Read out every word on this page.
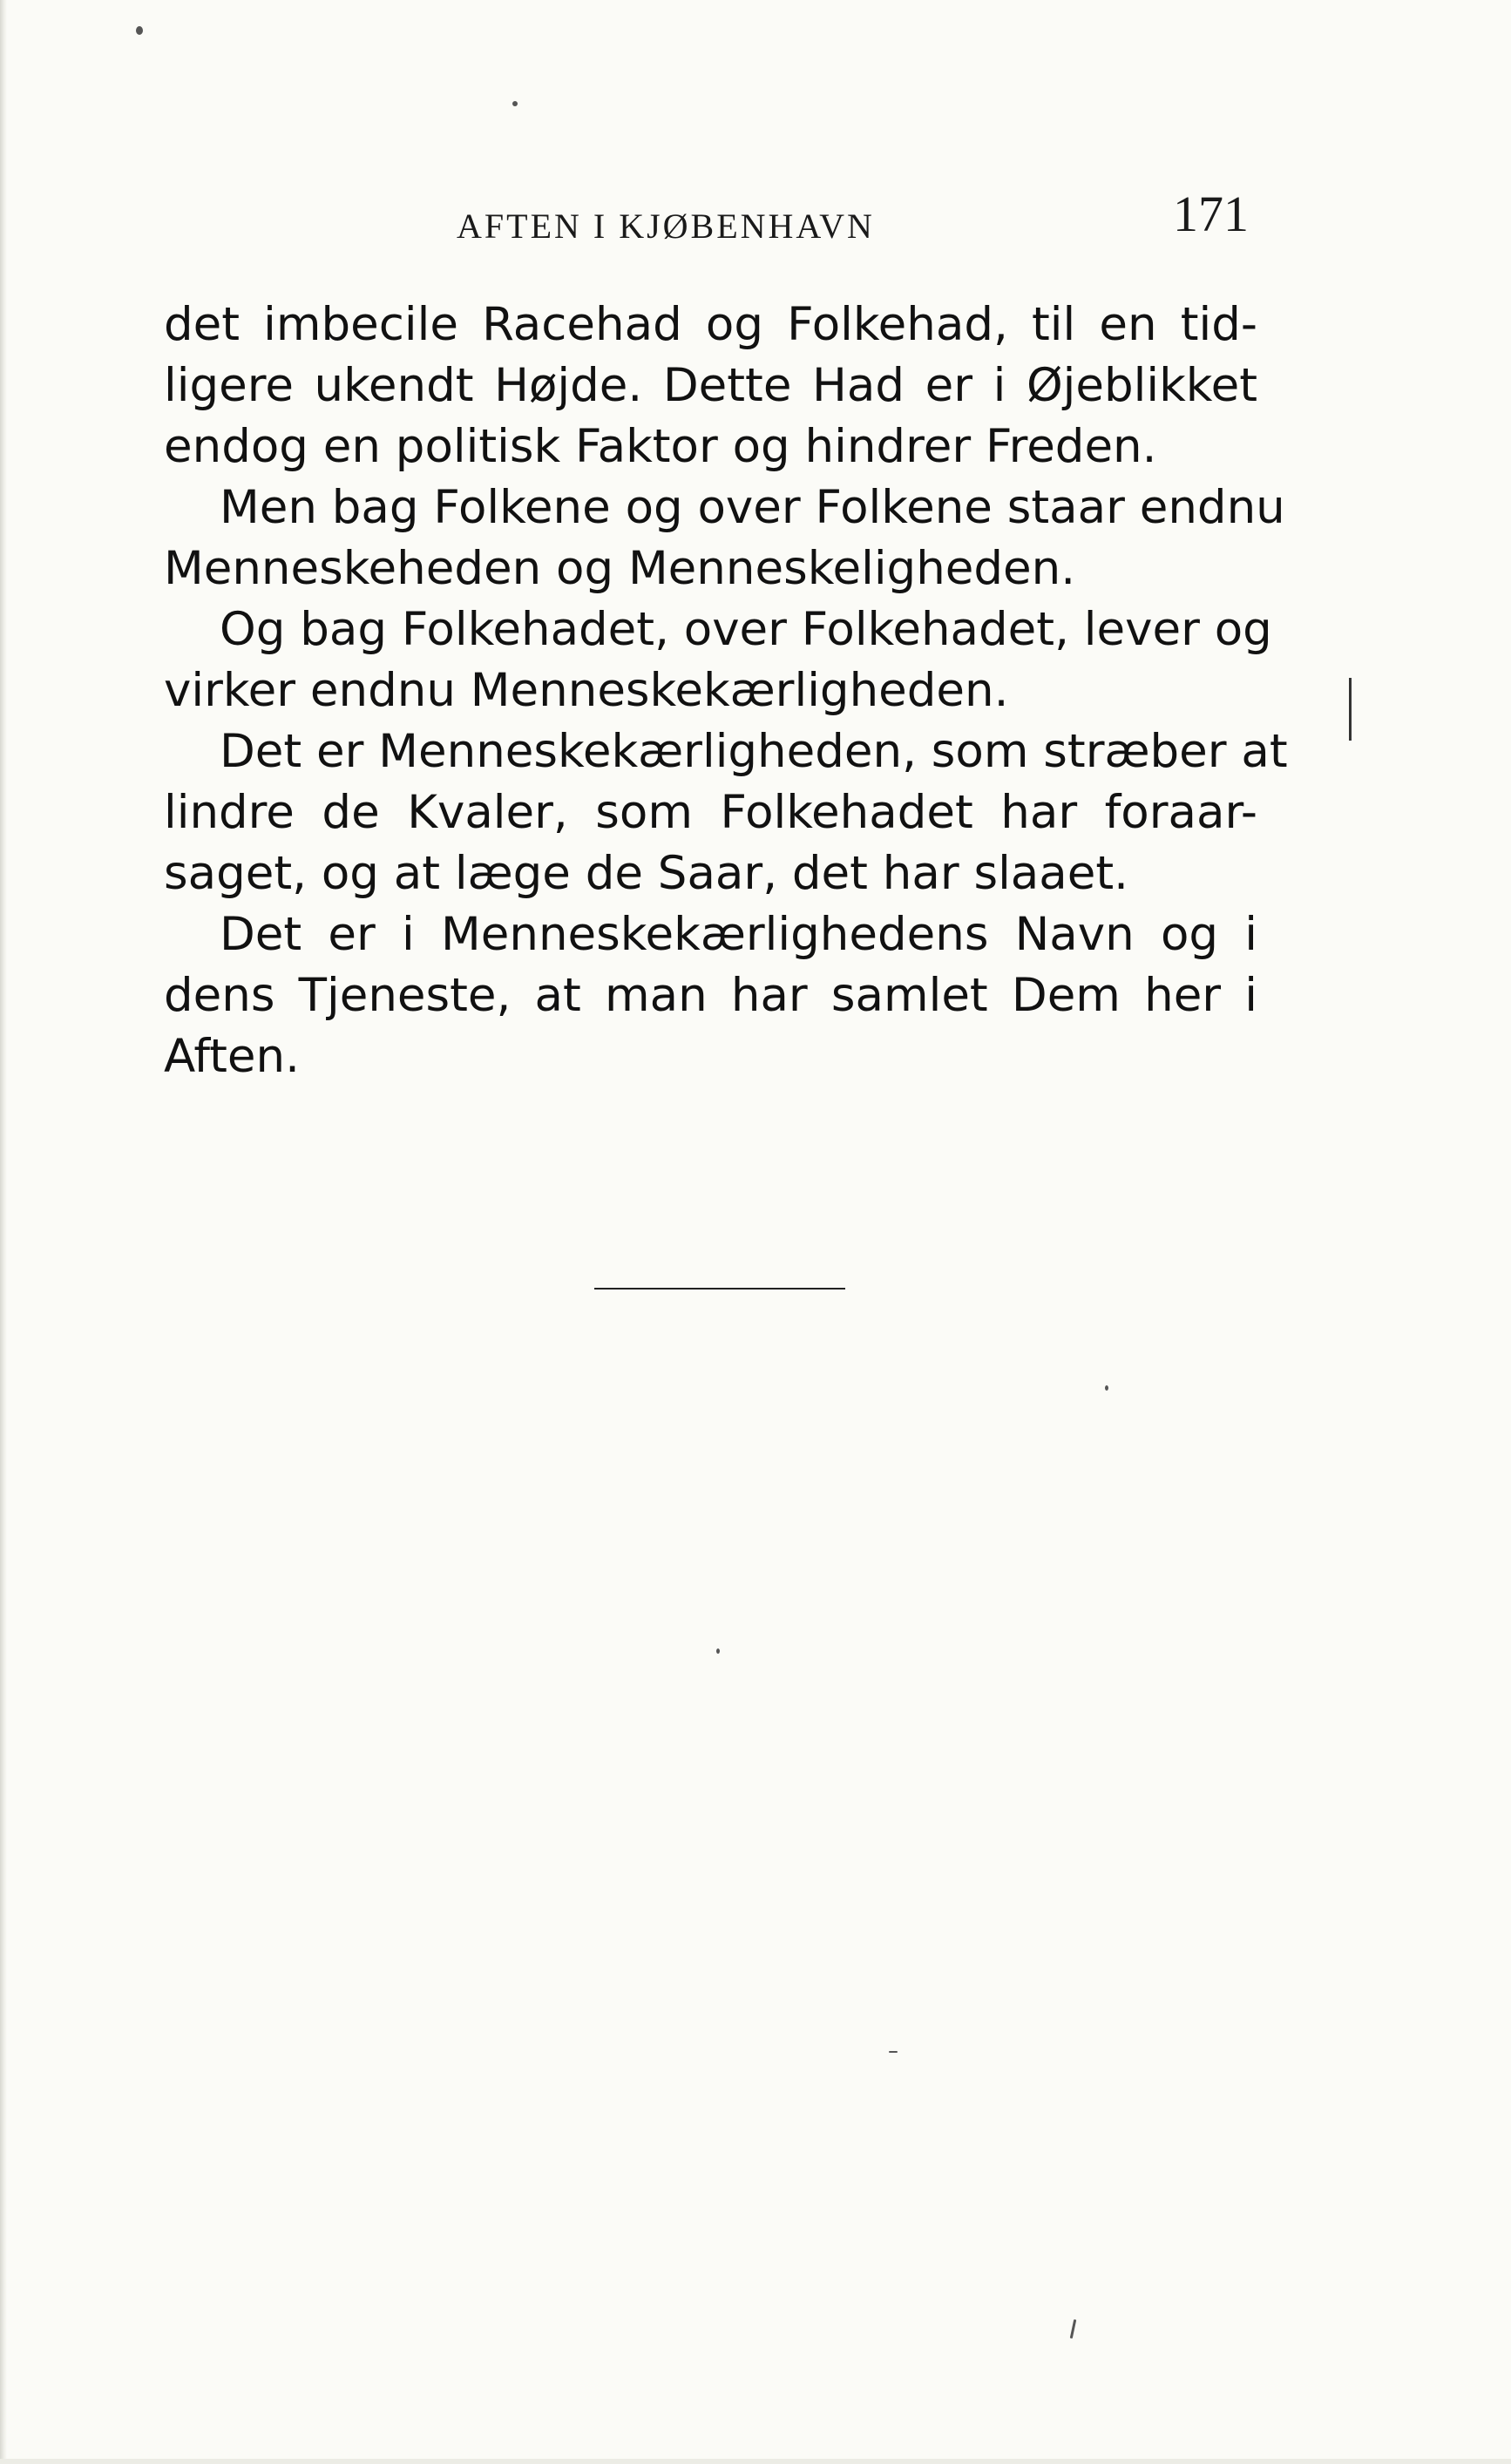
AFTEN I KJØBENHAVN	171
det imbecile Racehad og Folkehad, til en tid-
ligere ukendt Højde. Dette Had er i Øjeblikket
endog en politisk Faktor og hindrer Freden.
Men bag Folkene og over Folkene staar endnu
Menneskeheden og Menneskeligheden.
Og bag Folkehadet, over Folkehadet, lever og
virker endnu Menneskekærligheden.
Det er Menneskekærligheden, som stræber at
lindre de Kvaler, som Folkehadet har foraar-
saget, og at læge de Saar, det har slaaet.
Det er i Menneskekærlighedens Navn og i
dens Tjeneste, at man har samlet Dem her i
Aften.
